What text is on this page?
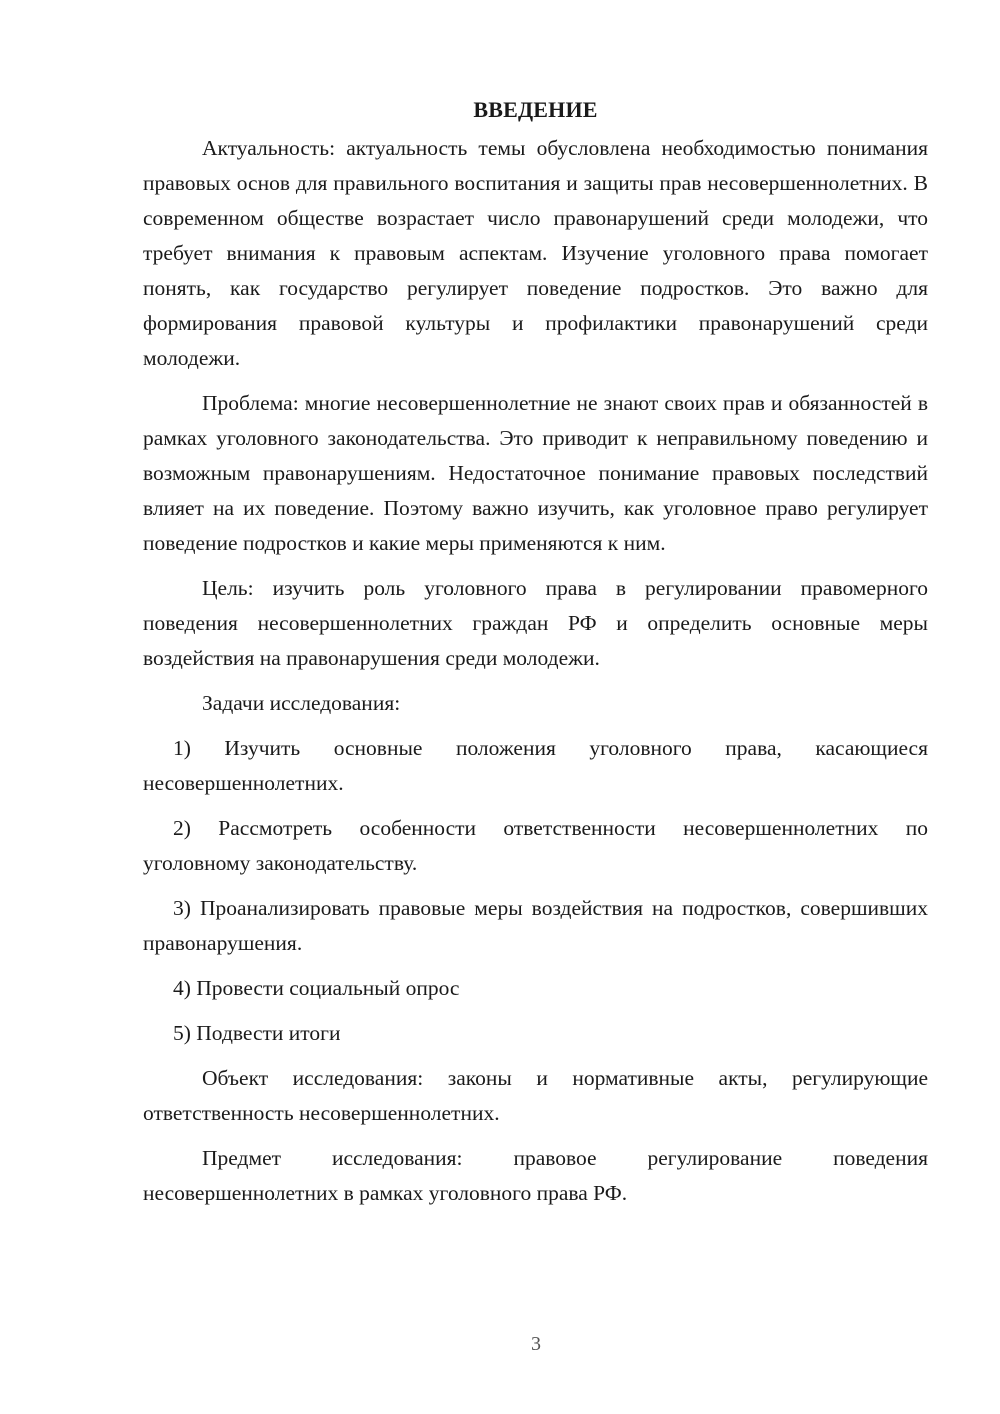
ВВЕДЕНИЕ

Актуальность: актуальность темы обусловлена необходимостью понимания правовых основ для правильного воспитания и защиты прав несовершеннолетних. В современном обществе возрастает число правонарушений среди молодежи, что требует внимания к правовым аспектам. Изучение уголовного права помогает понять, как государство регулирует поведение подростков. Это важно для формирования правовой культуры и профилактики правонарушений среди молодежи.

Проблема: многие несовершеннолетние не знают своих прав и обязанностей в рамках уголовного законодательства. Это приводит к неправильному поведению и возможным правонарушениям. Недостаточное понимание правовых последствий влияет на их поведение. Поэтому важно изучить, как уголовное право регулирует поведение подростков и какие меры применяются к ним.

Цель: изучить роль уголовного права в регулировании правомерного поведения несовершеннолетних граждан РФ и определить основные меры воздействия на правонарушения среди молодежи.

Задачи исследования:

1) Изучить основные положения уголовного права, касающиеся несовершеннолетних.

2) Рассмотреть особенности ответственности несовершеннолетних по уголовному законодательству.

3) Проанализировать правовые меры воздействия на подростков, совершивших правонарушения.

4) Провести социальный опрос

5) Подвести итоги

Объект исследования: законы и нормативные акты, регулирующие ответственность несовершеннолетних.

Предмет исследования: правовое регулирование поведения несовершеннолетних в рамках уголовного права РФ.

3
